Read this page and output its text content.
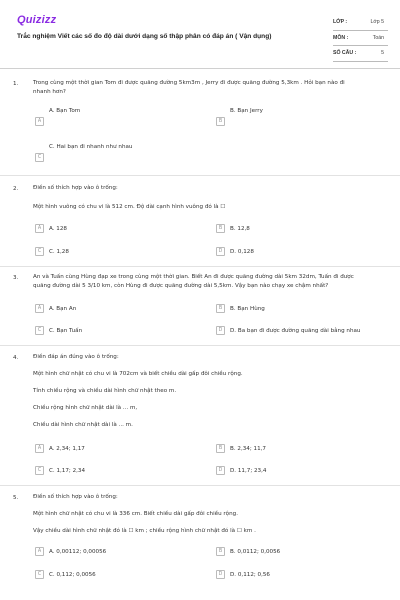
Quizizz
Trắc nghiệm Viết các số đo độ dài dưới dạng số thập phân có đáp án ( Vận dụng)
LỚP :	Lớp 5
MÔN :	Toán
SỐ CÂU :	5
1.	Trong cùng một thời gian Tom đi được quãng đường 5km3m , Jerry đi được quãng đường 5,3km . Hỏi bạn nào đi
nhanh hơn?
A. Bạn Tom
A
B. Bạn Jerry
B
C. Hai bạn đi nhanh như nhau
C
2.	Điền số thích hợp vào ô trống:
Một hình vuông có chu vi là 512 cm. Độ dài cạnh hình vuông đó là ☐
A	A. 128	B	B. 12,8
C	C. 1,28	D	D. 0,128
3.	An và Tuấn cùng Hùng đạp xe trong cùng một thời gian. Biết An đi được quãng đường dài 5km 32dm, Tuấn đi được
quãng đường dài 5 3/10 km, còn Hùng đi được quãng đường dài 5,5km. Vậy bạn nào chạy xe chậm nhất?
A	A. Bạn An	B	B. Bạn Hùng
C	C. Bạn Tuấn	D	D. Ba bạn đi được đường quãng dài bằng nhau
4.	Điền đáp án đúng vào ô trống:
Một hình chữ nhật có chu vi là 702cm và biết chiều dài gấp đôi chiều rộng.
Tính chiều rộng và chiều dài hình chữ nhật theo m.
Chiều rộng hình chữ nhật dài là ... m,
Chiều dài hình chữ nhật dài là ... m.
A	A. 2,34; 1,17	B	B. 2,34; 11,7
C	C. 1,17; 2,34	D	D. 11,7; 23,4
5.	Điền số thích hợp vào ô trống:
Một hình chữ nhật có chu vi là 336 cm. Biết chiều dài gấp đôi chiều rộng.
Vậy chiều dài hình chữ nhật đó là ☐ km ; chiều rộng hình chữ nhật đó là ☐ km .
A	A. 0,00112; 0,00056	B	B. 0,0112; 0,0056
C	C. 0,112; 0,0056	D	D. 0,112; 0,56
